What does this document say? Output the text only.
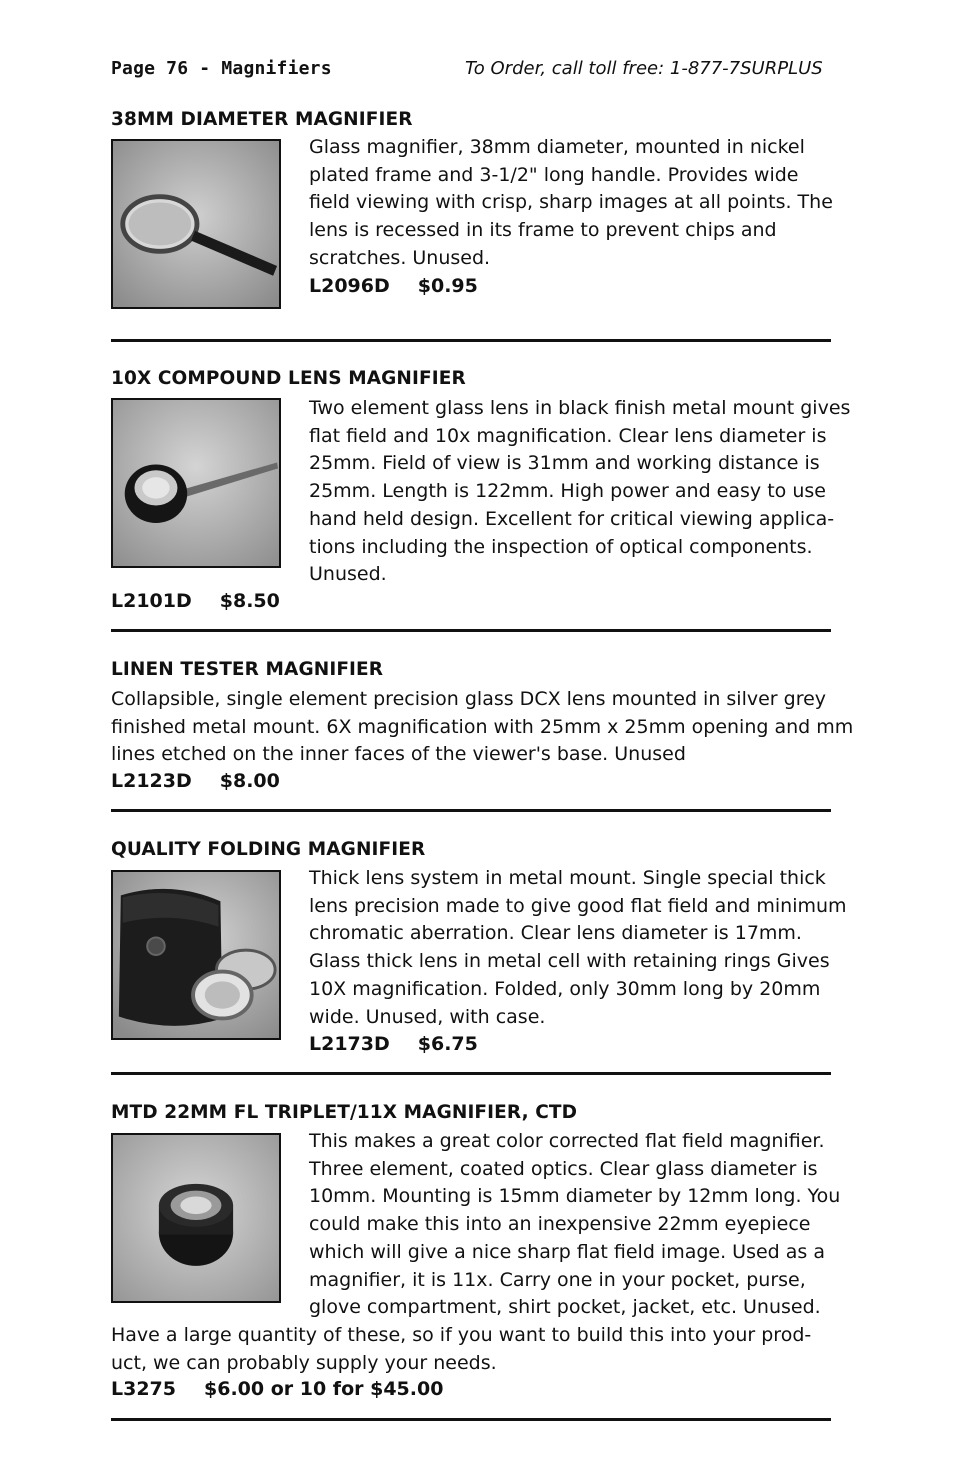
Page 76 - Magnifiers	To Order, call toll free: 1-877-7SURPLUS
38MM DIAMETER MAGNIFIER
Glass magnifier, 38mm diameter, mounted in nickel
plated frame and 3-1/2" long handle. Provides wide
field viewing with crisp, sharp images at all points. The
lens is recessed in its frame to prevent chips and
scratches. Unused.
L2096D $0.95
10X COMPOUND LENS MAGNIFIER
Two element glass lens in black finish metal mount gives
flat field and 10x magnification. Clear lens diameter is
25mm. Field of view is 31mm and working distance is
25mm. Length is 122mm. High power and easy to use
hand held design. Excellent for critical viewing applica-
tions including the inspection of optical components.
Unused.
L2101D $8.50
LINEN TESTER MAGNIFIER
Collapsible, single element precision glass DCX lens mounted in silver grey
finished metal mount. 6X magnification with 25mm x 25mm opening and mm
lines etched on the inner faces of the viewer's base. Unused
L2123D $8.00
QUALITY FOLDING MAGNIFIER
Thick lens system in metal mount. Single special thick
lens precision made to give good flat field and minimum
chromatic aberration. Clear lens diameter is 17mm.
Glass thick lens in metal cell with retaining rings Gives
10X magnification. Folded, only 30mm long by 20mm
wide. Unused, with case.
L2173D $6.75
MTD 22MM FL TRIPLET/11X MAGNIFIER, CTD
This makes a great color corrected flat field magnifier.
Three element, coated optics. Clear glass diameter is
10mm. Mounting is 15mm diameter by 12mm long. You
could make this into an inexpensive 22mm eyepiece
which will give a nice sharp flat field image. Used as a
magnifier, it is 11x. Carry one in your pocket, purse,
glove compartment, shirt pocket, jacket, etc. Unused.
Have a large quantity of these, so if you want to build this into your prod-
uct, we can probably supply your needs.
L3275 $6.00 or 10 for $45.00
